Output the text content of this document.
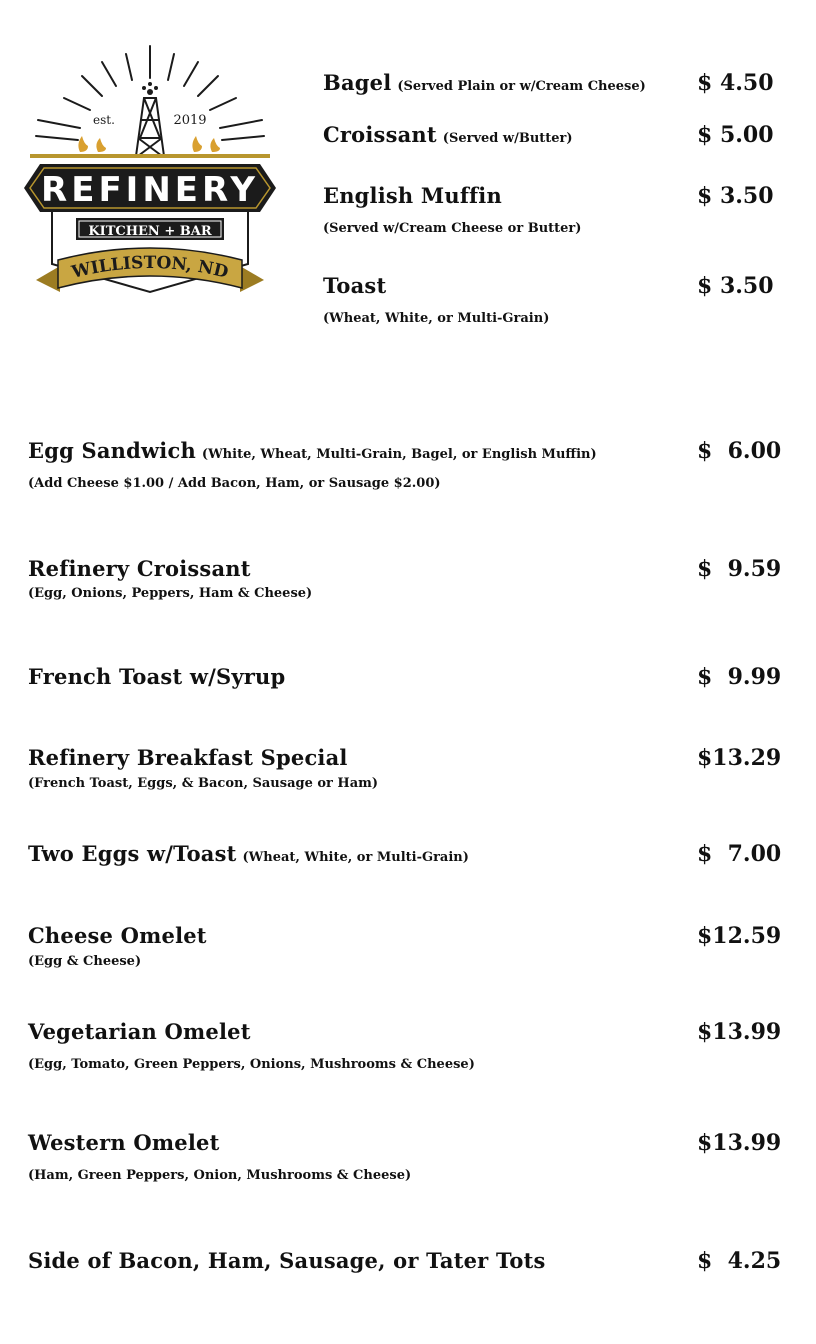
est.	2019
REFINERY
KITCHEN + BAR
WILLISTON, ND
Bagel (Served Plain or w/Cream Cheese) $ 4.50
Croissant (Served w/Butter)	$ 5.00
English Muffin
(Served w/Cream Cheese or Butter)
$ 3.50
Toast
(Wheat, White, or Multi-Grain)
$ 3.50
Egg Sandwich (White, Wheat, Multi-Grain, Bagel, or English Muffin)
(Add Cheese $1.00 / Add Bacon, Ham, or Sausage $2.00)
$  6.00
Refinery Croissant
(Egg, Onions, Peppers, Ham & Cheese)
$  9.59
French Toast w/Syrup	$  9.99
Refinery Breakfast Special
(French Toast, Eggs, & Bacon, Sausage or Ham)
$13.29
Two Eggs w/Toast (Wheat, White, or Multi-Grain)	$  7.00
Cheese Omelet
(Egg & Cheese)
$12.59
Vegetarian Omelet
(Egg, Tomato, Green Peppers, Onions, Mushrooms & Cheese)
$13.99
Western Omelet
(Ham, Green Peppers, Onion, Mushrooms & Cheese)
$13.99
Side of Bacon, Ham, Sausage, or Tater Tots	$  4.25
